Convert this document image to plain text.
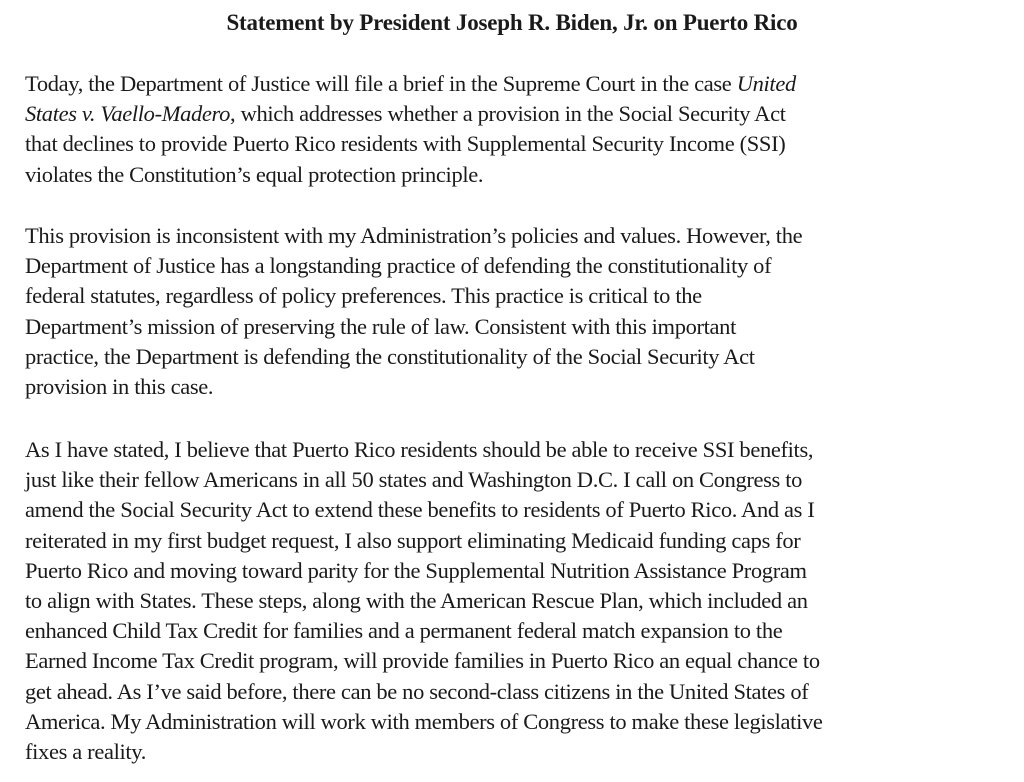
Statement by President Joseph R. Biden, Jr. on Puerto Rico
Today, the Department of Justice will file a brief in the Supreme Court in the case United
States v. Vaello-Madero, which addresses whether a provision in the Social Security Act
that declines to provide Puerto Rico residents with Supplemental Security Income (SSI)
violates the Constitution’s equal protection principle.
This provision is inconsistent with my Administration’s policies and values. However, the
Department of Justice has a longstanding practice of defending the constitutionality of
federal statutes, regardless of policy preferences. This practice is critical to the
Department’s mission of preserving the rule of law. Consistent with this important
practice, the Department is defending the constitutionality of the Social Security Act
provision in this case.
As I have stated, I believe that Puerto Rico residents should be able to receive SSI benefits,
just like their fellow Americans in all 50 states and Washington D.C. I call on Congress to
amend the Social Security Act to extend these benefits to residents of Puerto Rico. And as I
reiterated in my first budget request, I also support eliminating Medicaid funding caps for
Puerto Rico and moving toward parity for the Supplemental Nutrition Assistance Program
to align with States. These steps, along with the American Rescue Plan, which included an
enhanced Child Tax Credit for families and a permanent federal match expansion to the
Earned Income Tax Credit program, will provide families in Puerto Rico an equal chance to
get ahead. As I’ve said before, there can be no second-class citizens in the United States of
America. My Administration will work with members of Congress to make these legislative
fixes a reality.
